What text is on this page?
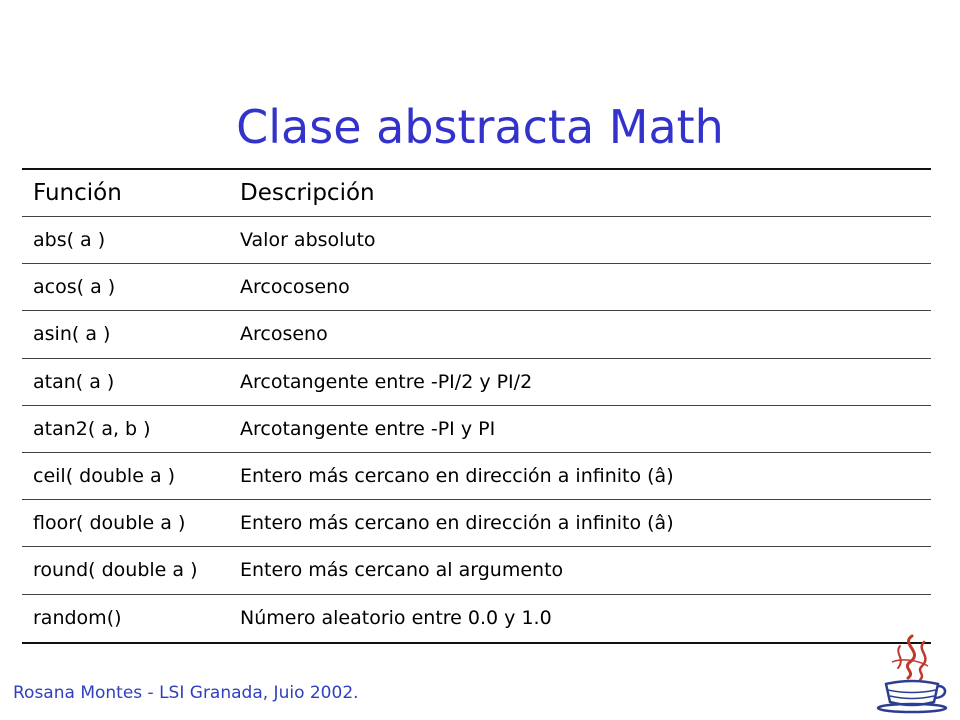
Clase abstracta Math
Función	Descripción
abs( a )	Valor absoluto
acos( a )	Arcocoseno
asin( a )	Arcoseno
atan( a )	Arcotangente entre -PI/2 y PI/2
atan2( a, b )	Arcotangente entre -PI y PI
ceil( double a )	Entero más cercano en dirección a infinito (â)
floor( double a )	Entero más cercano en dirección a infinito (â)
round( double a ) Entero más cercano al argumento
random()	Número aleatorio entre 0.0 y 1.0
Rosana Montes - LSI Granada, Juio 2002.
